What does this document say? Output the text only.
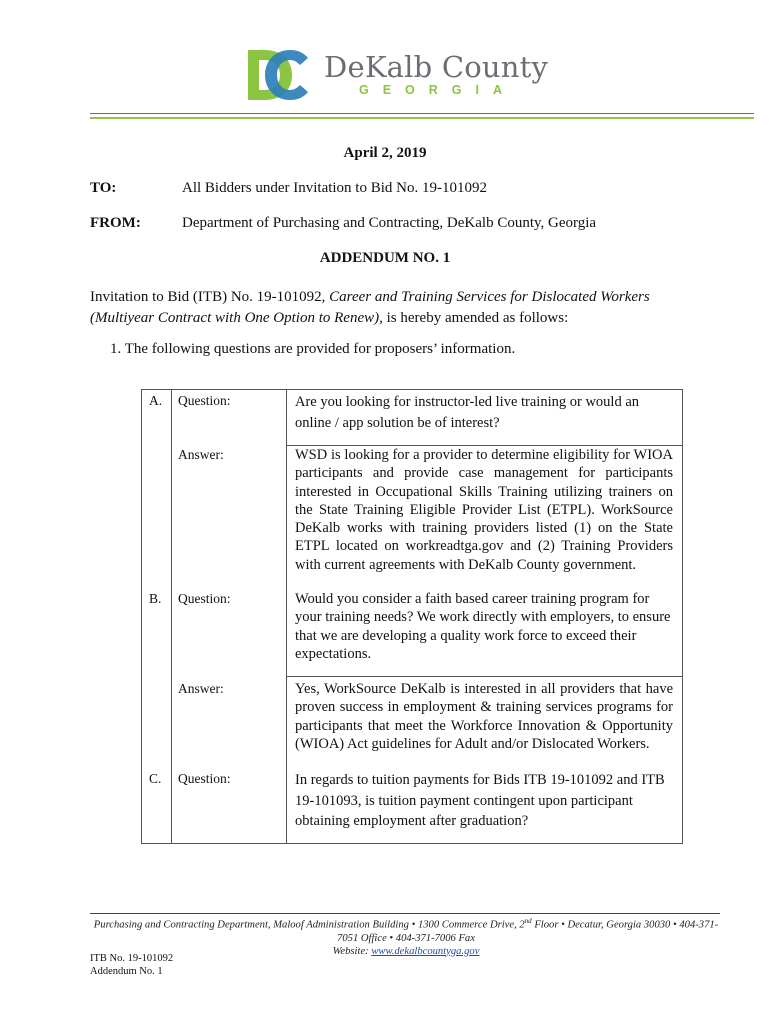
DeKalb County
GEORGIA
April 2, 2019
TO:	All Bidders under Invitation to Bid No. 19-101092
FROM:	Department of Purchasing and Contracting, DeKalb County, Georgia
ADDENDUM NO. 1
Invitation to Bid (ITB) No. 19-101092, Career and Training Services for Dislocated Workers (Multiyear Contract with One Option to Renew), is hereby amended as follows:
1. The following questions are provided for proposers’ information.
A. Question:	Are you looking for instructor-led live training or would an online / app solution be of interest?
Answer:	WSD is looking for a provider to determine eligibility for WIOA participants and provide case management for participants interested in Occupational Skills Training utilizing trainers on the State Training Eligible Provider List (ETPL). WorkSource DeKalb works with training providers listed (1) on the State ETPL located on workreadtga.gov and (2) Training Providers with current agreements with DeKalb County government.
B. Question:	Would you consider a faith based career training program for your training needs? We work directly with employers, to ensure that we are developing a quality work force to exceed their expectations.
Answer:	Yes, WorkSource DeKalb is interested in all providers that have proven success in employment & training services programs for participants that meet the Workforce Innovation & Opportunity (WIOA) Act guidelines for Adult and/or Dislocated Workers.
C. Question:	In regards to tuition payments for Bids ITB 19-101092 and ITB 19-101093, is tuition payment contingent upon participant obtaining employment after graduation?
Purchasing and Contracting Department, Maloof Administration Building • 1300 Commerce Drive, 2nd Floor • Decatur, Georgia 30030 • 404-371-
7051 Office • 404-371-7006 Fax
Website: www.dekalbcountyga.gov
ITB No. 19-101092
Addendum No. 1
